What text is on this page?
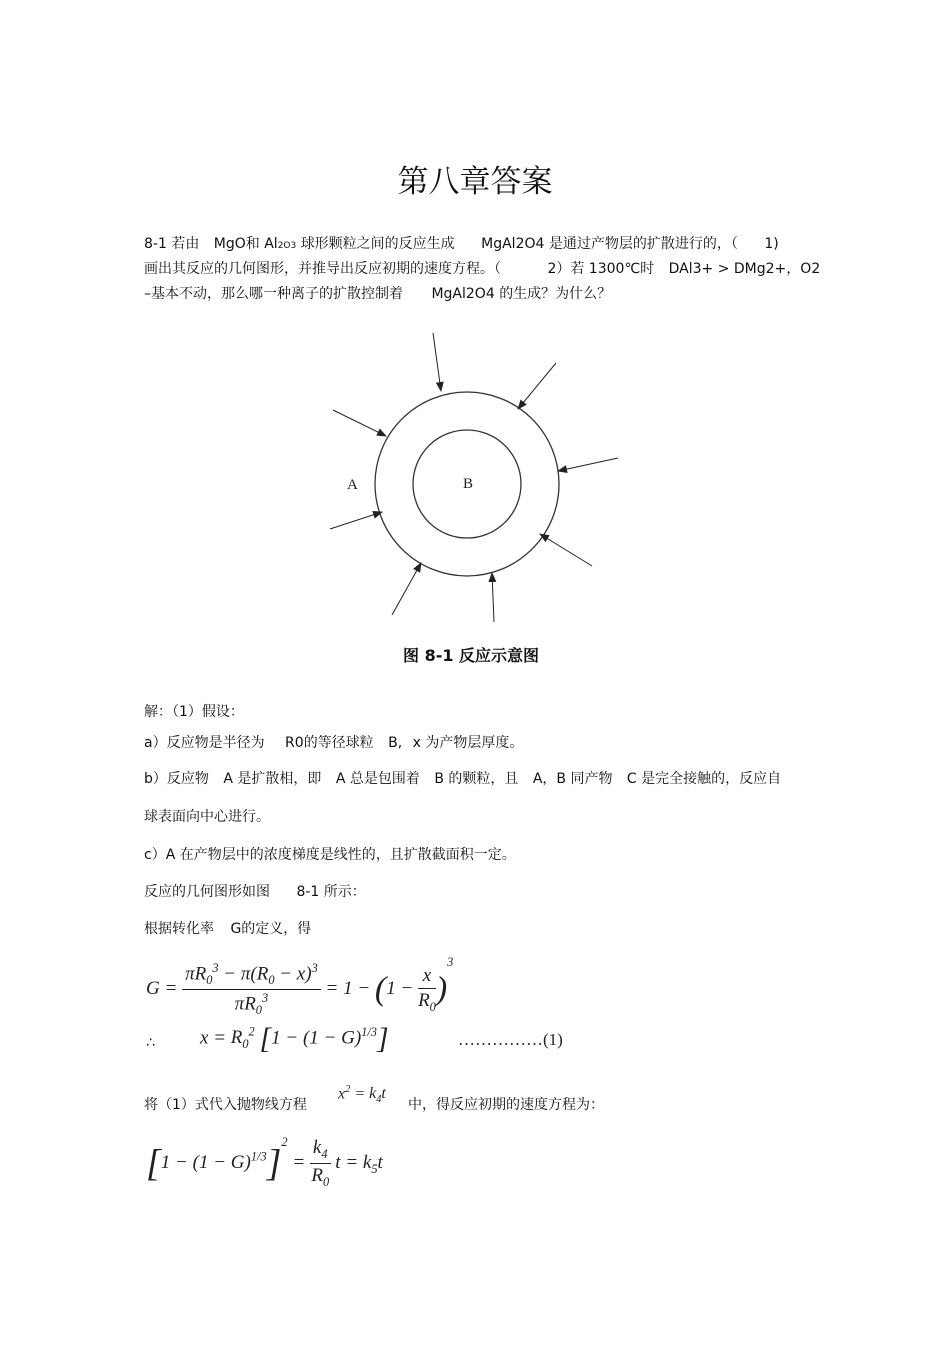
第八章答案
8-1 若由 MgO和 Al2O3 球形颗粒之间的反应生成 MgAl2O4 是通过产物层的扩散进行的，（ 1)
画出其反应的几何图形，并推导出反应初期的速度方程。（	2）若 1300℃时 DAl3+ > DMg2+，O2
–基本不动，那么哪一种离子的扩散控制着 MgAl2O4 的生成？为什么？
A	B
图 8-1 反应示意图
解：（1）假设：
a）反应物是半径为 R0的等径球粒 B, x 为产物层厚度。
b）反应物 A 是扩散相，即 A 总是包围着 B 的颗粒，且 A，B 同产物 C 是完全接触的，反应自
球表面向中心进行。
c）A 在产物层中的浓度梯度是线性的，且扩散截面积一定。
反应的几何图形如图 8-1 所示：
根据转化率 G的定义，得
$G = \frac{\pi R_0^3 - \pi(R_0 - x)^3}{\pi R_0^3} = 1 - (1 - \frac{x}{R_0} )^3$
∴ $x = R_0^2$ $[1 - (1 - G)^{1/3}]$	……………(1)
将（1）式代入抛物线方程
$x^2 = k_4t$
中，得反应初期的速度方程为：
$[1 - (1 - G)^{1/3}]^2 = \frac{k_4}{R_0}$ $t = k_5t$
